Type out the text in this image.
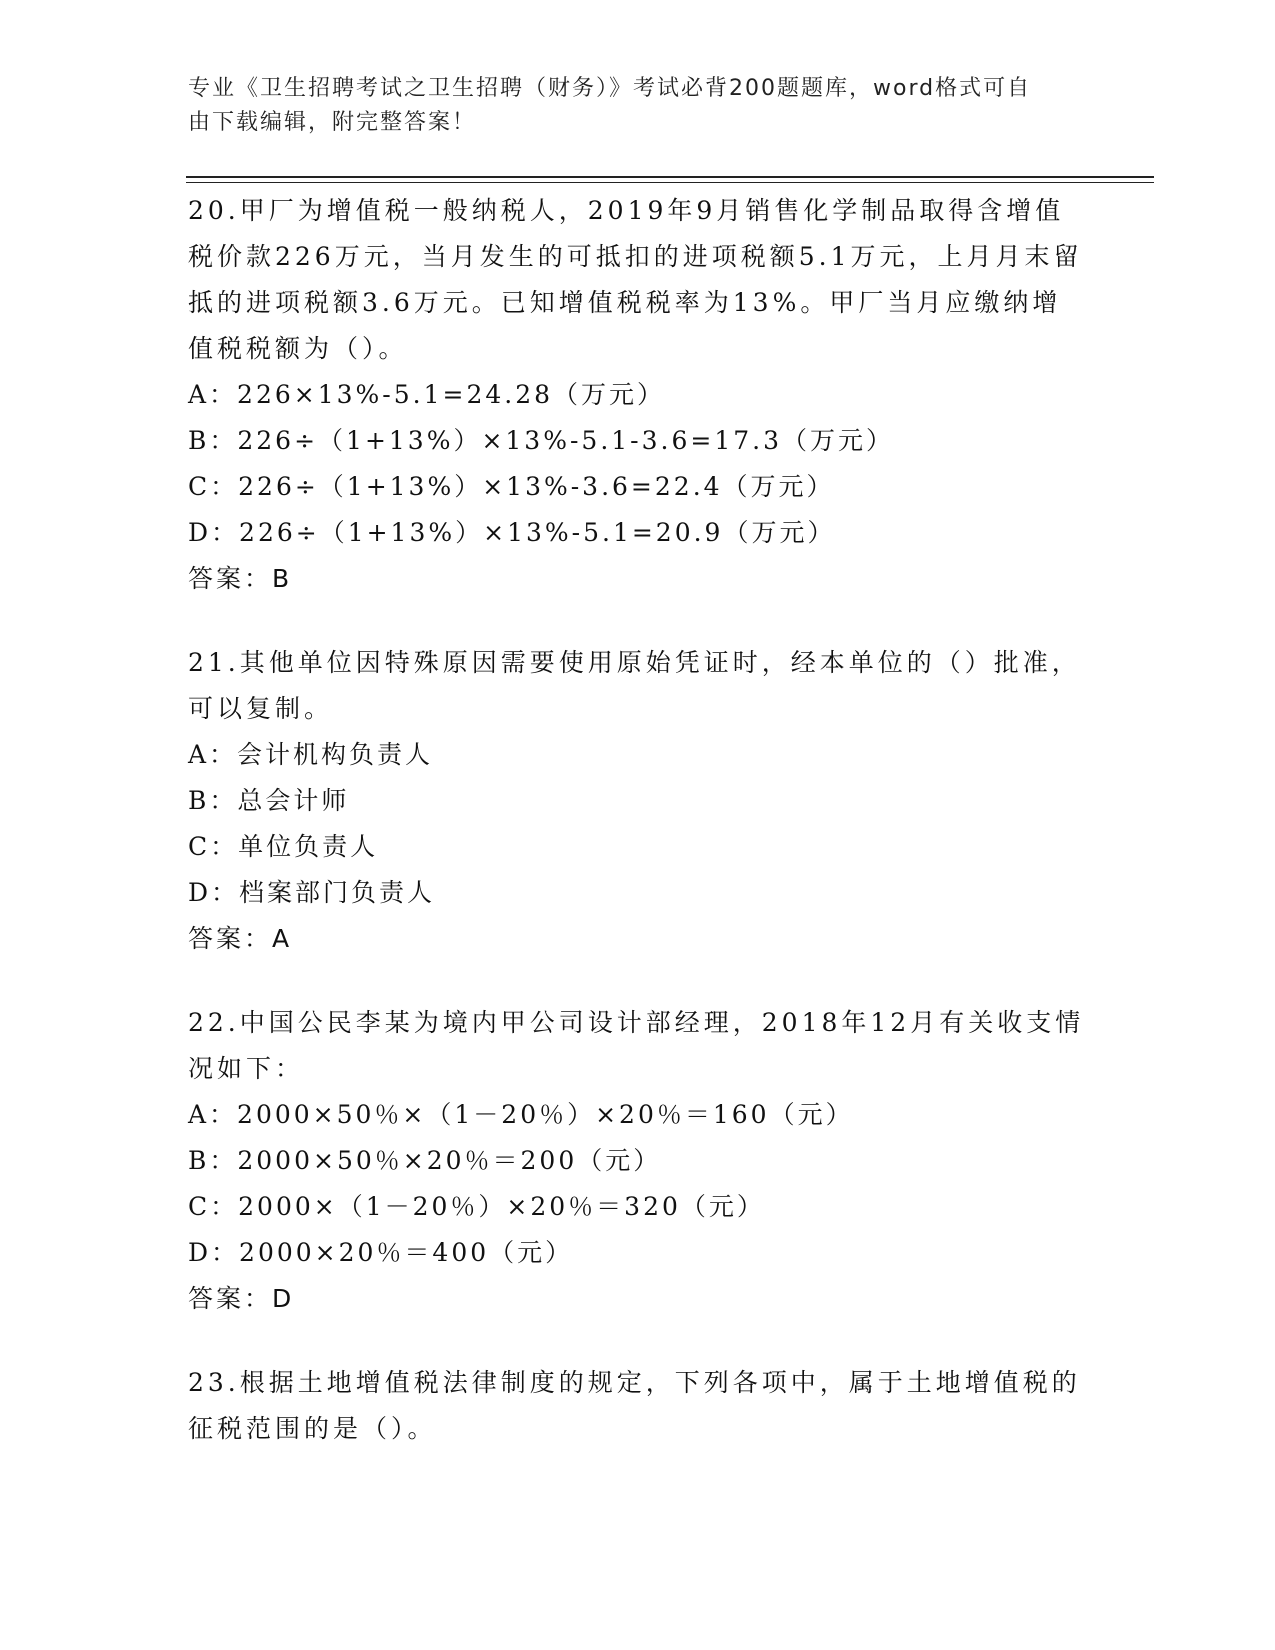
专业《卫生招聘考试之卫生招聘（财务）》考试必背200题题库，word格式可自
由下载编辑，附完整答案！

20.甲厂为增值税一般纳税人，2019年9月销售化学制品取得含增值税价款226万元，当月发生的可抵扣的进项税额5.1万元，上月月末留抵的进项税额3.6万元。已知增值税税率为13%。甲厂当月应缴纳增值税税额为（）。

A：226×13%-5.1=24.28（万元）

B：226÷（1+13%）×13%-5.1-3.6=17.3（万元）

C：226÷（1+13%）×13%-3.6=22.4（万元）

D：226÷（1+13%）×13%-5.1=20.9（万元）

答案：B

21.其他单位因特殊原因需要使用原始凭证时，经本单位的（）批准，可以复制。

A：会计机构负责人

B：总会计师

C：单位负责人

D：档案部门负责人

答案：A

22.中国公民李某为境内甲公司设计部经理，2018年12月有关收支情况如下：

A：2000×50％×（1－20％）×20％＝160（元）

B：2000×50％×20％＝200（元）

C：2000×（1－20％）×20％＝320（元）

D：2000×20％＝400（元）

答案：D

23.根据土地增值税法律制度的规定，下列各项中，属于土地增值税的征税范围的是（）。
